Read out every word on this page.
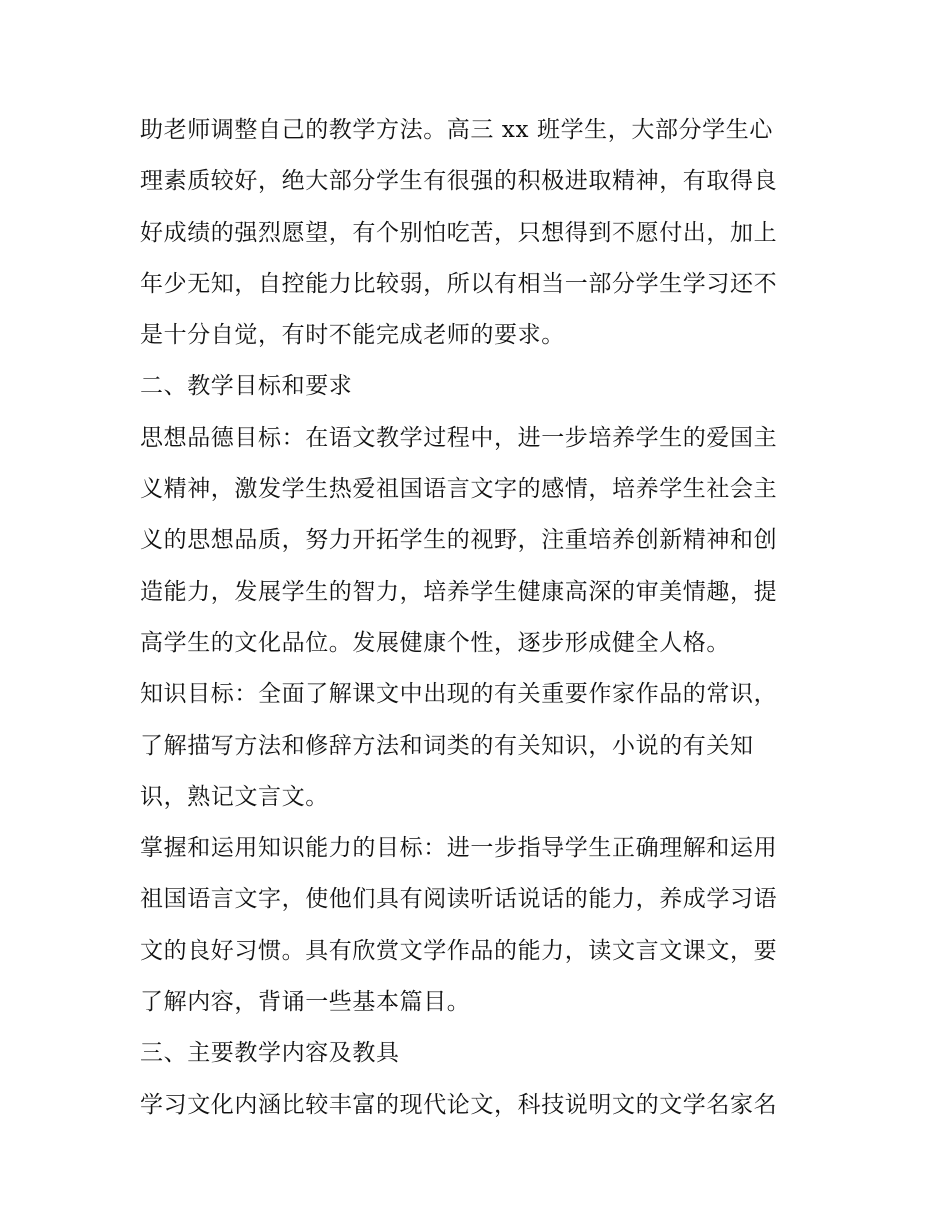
助老师调整自己的教学方法。高三 xx 班学生，大部分学生心
理素质较好，绝大部分学生有很强的积极进取精神，有取得良
好成绩的强烈愿望，有个别怕吃苦，只想得到不愿付出，加上
年少无知，自控能力比较弱，所以有相当一部分学生学习还不
是十分自觉，有时不能完成老师的要求。
二、教学目标和要求
思想品德目标：在语文教学过程中，进一步培养学生的爱国主
义精神，激发学生热爱祖国语言文字的感情，培养学生社会主
义的思想品质，努力开拓学生的视野，注重培养创新精神和创
造能力，发展学生的智力，培养学生健康高深的审美情趣，提
高学生的文化品位。发展健康个性，逐步形成健全人格。
知识目标：全面了解课文中出现的有关重要作家作品的常识，
了解描写方法和修辞方法和词类的有关知识，小说的有关知
识，熟记文言文。
掌握和运用知识能力的目标：进一步指导学生正确理解和运用
祖国语言文字，使他们具有阅读听话说话的能力，养成学习语
文的良好习惯。具有欣赏文学作品的能力，读文言文课文，要
了解内容，背诵一些基本篇目。
三、主要教学内容及教具
学习文化内涵比较丰富的现代论文，科技说明文的文学名家名
